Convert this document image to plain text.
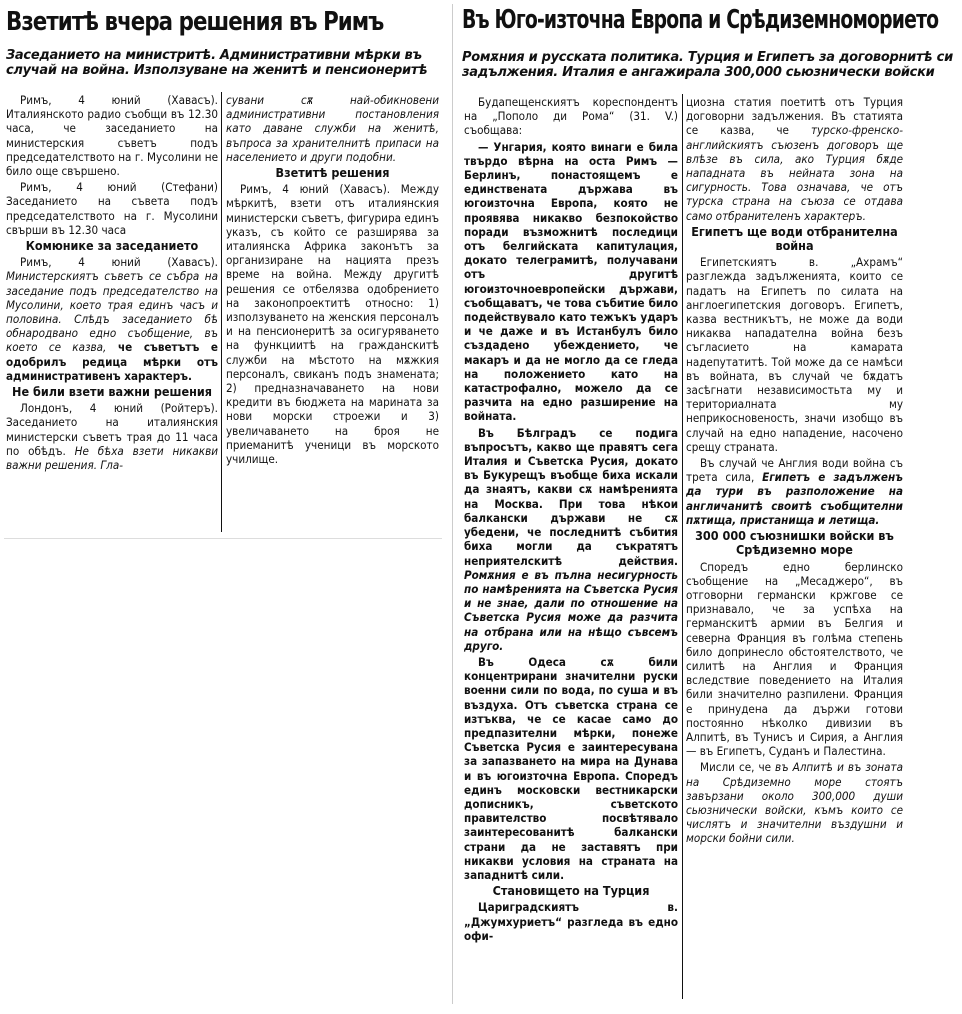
Взетитѣ вчера решения въ Римъ
Заседанието на министритѣ. Административни мѣрки въ случай на война. Използуване на женитѣ и пенсионеритѣ

Римъ, 4 юний (Хавасъ). Италиянското радио съобщи въ 12.30 часа, че заседанието на министерския съветъ подъ председателството на г. Мусолини не било още свършено.

Римъ, 4 юний (Стефани) Заседанието на съвета подъ председателството на г. Мусолини свърши въ 12.30 часа

Комюнике за заседанието

Римъ, 4 юний (Хавасъ). Министерскиятъ съветъ се събра на заседание подъ председателство на Мусолини, което трая единъ часъ и половина. Слѣдъ заседанието бѣ обнародвано едно съобщение, въ което се казва, че съветътъ е одобрилъ редица мѣрки отъ административенъ характеръ.

Не били взети важни решения

Лондонъ, 4 юний (Ройтеръ). Заседанието на италиянския министерски съветъ трая до 11 часа по обѣдъ. Не бѣха взети никакви важни решения. Гла-

сувани сѫ най-обикновени административни постановления като даване служби на женитѣ, въпроса за хранителнитѣ припаси на населението и други подобни.

Взетитѣ решения

Римъ, 4 юний (Хавасъ). Мeжду мѣркитѣ, взети отъ италиянския министерски съветъ, фигурира единъ указъ, съ който се разширява за италиянска Африка законътъ за организиране на нацията презъ време на война. Между другитѣ решения се отбелязва одобрението на законопроектитѣ относно: 1) използуването на женския персоналъ и на пенсионеритѣ за осигуряването на функциитѣ на гражданскитѣ служби на мѣстото на мѫжкия персоналъ, свиканъ подъ знамената; 2) предназначаването на нови кредити въ бюджета на марината за нови морски строежи и 3) увеличаването на броя не приеманитѣ ученици въ морското училище.

Въ Юго-източна Европа и Срѣдиземноморието
Ромѫния и русскатa политика. Турция и Египетъ за договорнитѣ си задължения. Италия е ангажирала 300,000 сьюзнически войски

Будапещенскиятъ кореспондентъ на „Пополо ди Рома“ (31. V.) съобщава:

— Унгария, която винаги е била твърдо вѣрна на оста Римъ — Берлинъ, понастоящемъ е единствената държава въ югоизточна Европа, която не проявява никакво безпокойство поради възможнитѣ последици отъ белгийската капитулация, докато телеграмитѣ, получавани отъ другитѣ югоизточноевропейски държави, съобщаватъ, че това събитие било подействувало като тежъкъ ударъ и че даже и въ Истанбулъ било създадено убеждението, че макаръ и да не могло да се гледа на положението като на катастрофално, можело да се разчита на едно разширение на войната.

Въ Бѣлградъ се подига въпросътъ, какво ще правятъ сега Италия и Съветска Русия, докато въ Букурещъ въобще биха искали да знаятъ, какви сѫ намѣренията на Москва. При това нѣкои балкански държави не сѫ убедени, че последнитѣ събития биха могли да съкратятъ неприятелскитѣ действия. Ромѫния е въ пълна несигурность по намѣренията на Съветска Русия и не знае, дали по отношение на Съветска Русия може да разчита на отбрана или на нѣщо съвсемъ друго.

Въ Одеса сѫ били концентрирани значителни руски военни сили по вода, по суша и въ въздуха. Отъ съветска страна се изтъква, че се касае само до предпазителни мѣрки, понеже Съветска Русия е заинтересувана за запазването на мира на Дунава и въ югоизточна Европа. Споредъ единъ московски вестникарски дописникъ, съветското правителство посвѣтявало заинтересованитѣ балкански страни да не заставятъ при никакви условия на страната на западнитѣ сили.

Становището на Турция

Цариградскиятъ в. „Джумхуриетъ“ разгледа въ едно офи-

циозна статия поетитѣ отъ Турция договорни задължения. Въ статията се казва, че турско-френско-английскиятъ съюзенъ договоръ ще влѣзе въ сила, ако Турция бѫде нападната въ нейната зона на сигурность. Това означава, че отъ турска страна на съюза се отдава само отбранителенъ характеръ.

Египетъ ще води отбранителна война

Египетскиятъ в. „Ахрамъ“ разглежда задълженията, които се падатъ на Египетъ по силата на англоегипетския договоръ. Египетъ, казва вестникътъ, не може да води никаква нападателна война безъ съгласието на камарата надепутатитѣ. Той може да се намѣси въ войната, въ случай че бѫдатъ засѣгнати независимостьта му и териториалната му неприкосновеность, значи изобщо въ случай на едно нападение, насочено срещу страната.

Въ случай че Англия води война съ трета сила, Египетъ е задълженъ да тури въ разположение на англичанитѣ своитѣ съобщителни пѫтища, пристанища и летища.

300 000 съюзнишки войски въ Срѣдиземно море

Споредъ едно берлинско съобщение на „Месаджеро“, въ отговорни германски кржгове се признавало, че за успѣха на германскитѣ армии въ Белгия и северна Франция въ голѣма степень било допринесло обстоятелството, че силитѣ на Англия и Франция вследствие поведението на Италия били значително разпилени. Франция е принудена да държи готови постоянно нѣколко дивизии въ Алпитѣ, въ Тунисъ и Сирия, а Англия — въ Египетъ, Суданъ и Палестина.

Мисли се, че въ Алпитѣ и въ зоната на Срѣдиземно море стоятъ завързани около 300,000 души сьюзнически войски, къмъ които се числятъ и значителни въздушни и морски бойни сили.
